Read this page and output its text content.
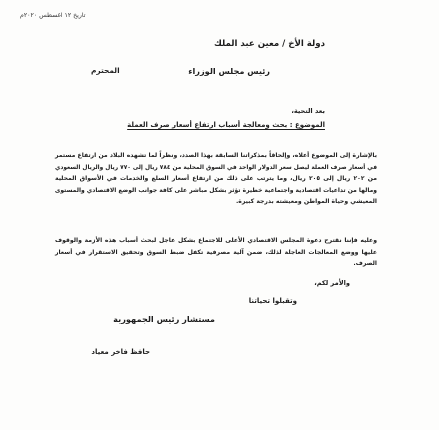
تاريخ ١٢ اغسطس ٢٠٢٠م
دولة الأخ / معين عبد الملك
رئيس مجلس الوزراء
المحترم
بعد التحية،
الموضوع : بحث ومعالجة أسباب ارتفاع أسعار صرف العملة
بالإشارة إلى الموضوع أعلاه، وإلحاقاً بمذكراتنا السابقة بهذا الصدد، ونظراً لما تشهده البلاد من ارتفاع مستمر
في أسعار صرف العملة ليصل سعر الدولار الواحد في السوق المحلية من ٧٨٤ ريال إلى ٧٧٠ ريال والريال السعودي
من ٢٠٢ ريال إلى ٢٠٥ ريال، وما يترتب على ذلك من ارتفاع أسعار السلع والخدمات في الأسواق المحلية
ومالها من تداعيات اقتصادية واجتماعية خطيرة تؤثر بشكل مباشر على كافة جوانب الوضع الاقتصادي والمستوى
المعيشي وحياة المواطن ومعيشته بدرجة كبيرة.
وعليه فإننا نقترح دعوة المجلس الاقتصادي الأعلى للاجتماع بشكل عاجل لبحث أسباب هذه الأزمة والوقوف
عليها ووضع المعالجات العاجلة لذلك، ضمن آلية مصرفية تكفل ضبط السوق وتحقيق الاستقرار في أسعار
الصرف.
والأمر لكم،
وتقبلوا تحياتنا
مستشار رئيس الجمهورية
حافظ فاخر معياد
